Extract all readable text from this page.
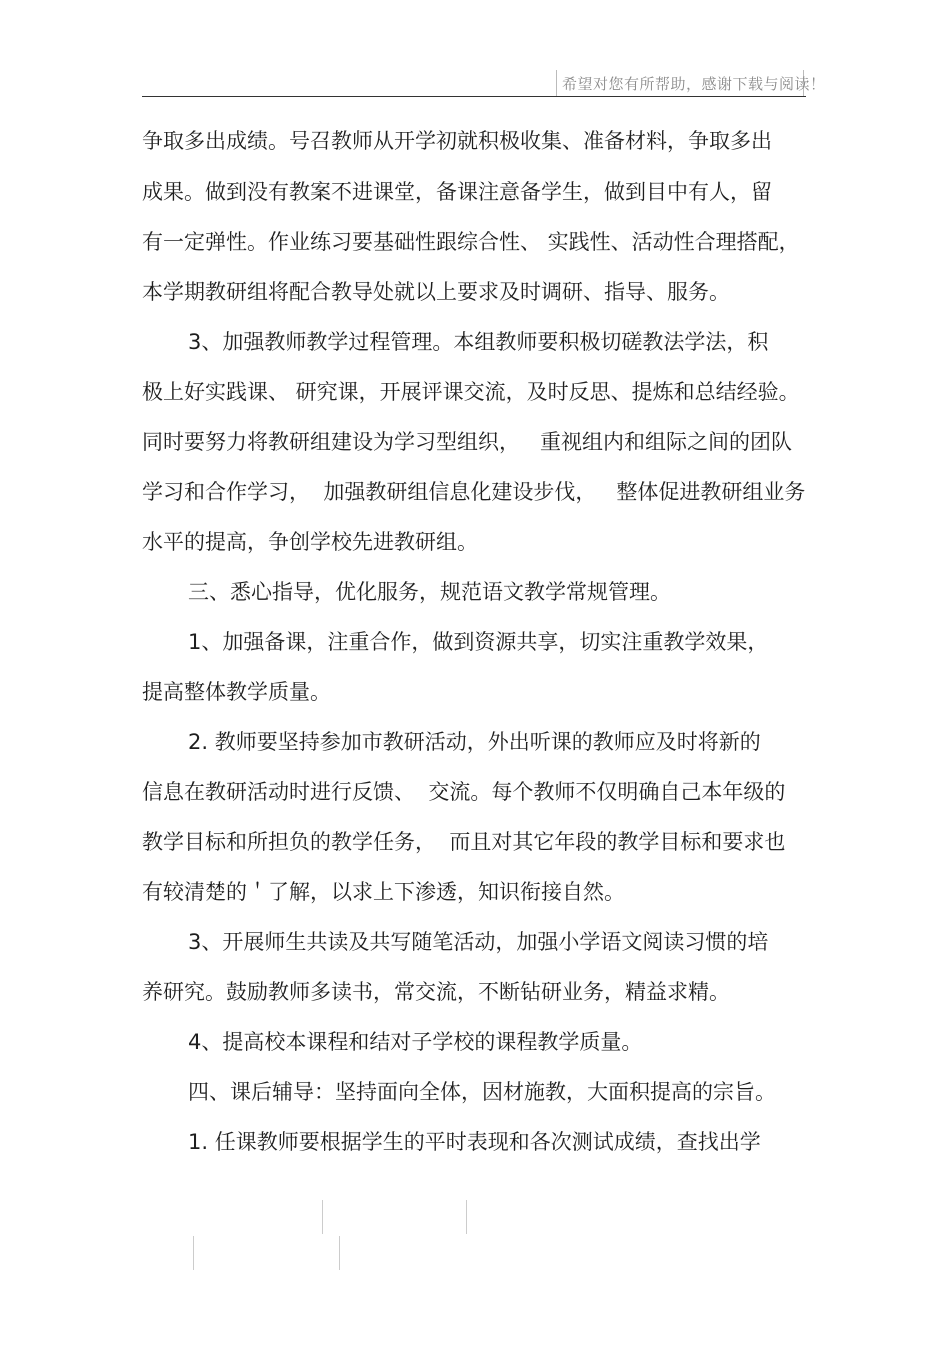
希望对您有所帮助，感谢下载与阅读！
争取多出成绩。号召教师从开学初就积极收集、准备材料，争取多出
成果。做到没有教案不进课堂，备课注意备学生，做到目中有人，留
有一定弹性。作业练习要基础性跟综合性、 实践性、活动性合理搭配，
本学期教研组将配合教导处就以上要求及时调研、指导、服务。
3、加强教师教学过程管理。本组教师要积极切磋教法学法，积
极上好实践课、 研究课，开展评课交流，及时反思、提炼和总结经验。
同时要努力将教研组建设为学习型组织，   重视组内和组际之间的团队
学习和合作学习，  加强教研组信息化建设步伐，   整体促进教研组业务
水平的提高，争创学校先进教研组。
三、悉心指导，优化服务，规范语文教学常规管理。
1、加强备课，注重合作，做到资源共享，切实注重教学效果，
提高整体教学质量。
2. 教师要坚持参加市教研活动，外出听课的教师应及时将新的
信息在教研活动时进行反馈、  交流。每个教师不仅明确自己本年级的
教学目标和所担负的教学任务，  而且对其它年段的教学目标和要求也
有较清楚的＇了解，以求上下渗透，知识衔接自然。
3、开展师生共读及共写随笔活动，加强小学语文阅读习惯的培
养研究。鼓励教师多读书，常交流，不断钻研业务，精益求精。
4、提高校本课程和结对子学校的课程教学质量。
四、课后辅导：坚持面向全体，因材施教，大面积提高的宗旨。
1. 任课教师要根据学生的平时表现和各次测试成绩，查找出学
